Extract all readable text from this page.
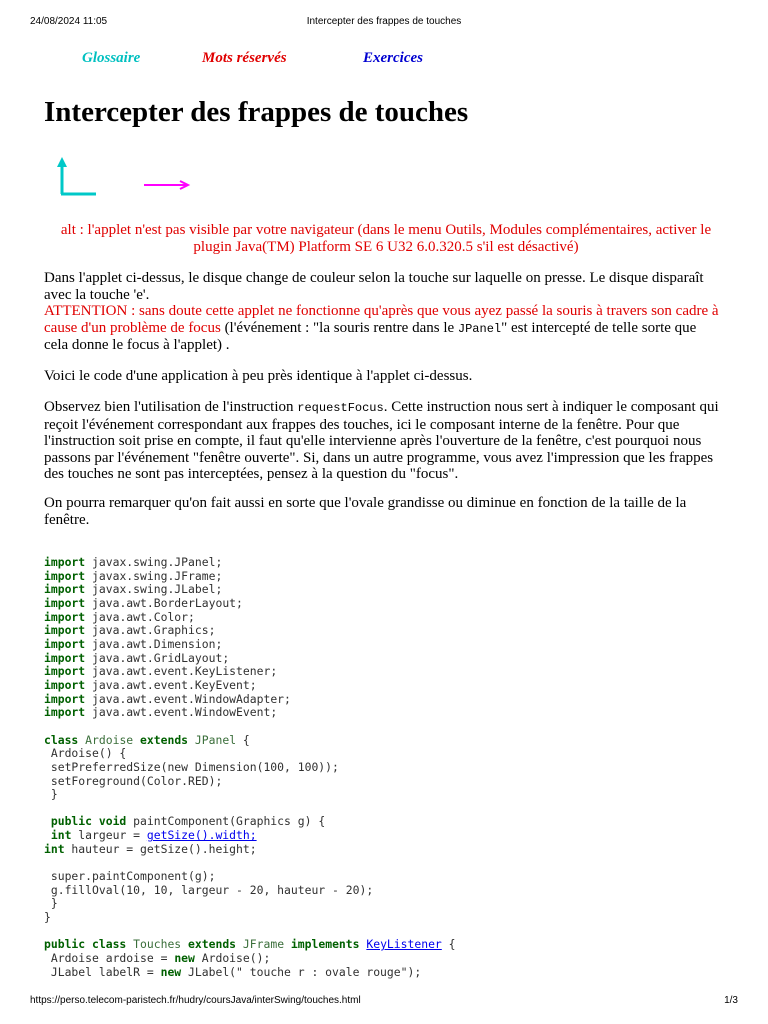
24/08/2024 11:05	Intercepter des frappes de touches
Glossaire	Mots réservés	Exercices
Intercepter des frappes de touches
alt : l'applet n'est pas visible par votre navigateur (dans le menu Outils, Modules complémentaires, activer le plugin Java(TM) Platform SE 6 U32 6.0.320.5 s'il est désactivé)

Dans l'applet ci-dessus, le disque change de couleur selon la touche sur laquelle on presse. Le disque disparaît avec la touche 'e'.
ATTENTION : sans doute cette applet ne fonctionne qu'après que vous ayez passé la souris à travers son cadre à cause d'un problème de focus (l'événement : "la souris rentre dans le JPanel" est intercepté de telle sorte que cela donne le focus à l'applet) .

Voici le code d'une application à peu près identique à l'applet ci-dessus.

Observez bien l'utilisation de l'instruction requestFocus. Cette instruction nous sert à indiquer le composant qui reçoit l'événement correspondant aux frappes des touches, ici le composant interne de la fenêtre. Pour que l'instruction soit prise en compte, il faut qu'elle intervienne après l'ouverture de la fenêtre, c'est pourquoi nous passons par l'événement "fenêtre ouverte". Si, dans un autre programme, vous avez l'impression que les frappes des touches ne sont pas interceptées, pensez à la question du "focus".

On pourra remarquer qu'on fait aussi en sorte que l'ovale grandisse ou diminue en fonction de la taille de la fenêtre.

import javax.swing.JPanel;
import javax.swing.JFrame;
import javax.swing.JLabel;
import java.awt.BorderLayout;
import java.awt.Color;
import java.awt.Graphics;
import java.awt.Dimension;
import java.awt.GridLayout;
import java.awt.event.KeyListener;
import java.awt.event.KeyEvent;
import java.awt.event.WindowAdapter;
import java.awt.event.WindowEvent;

class Ardoise extends JPanel {
Ardoise() {
setPreferredSize(new Dimension(100, 100));
setForeground(Color.RED);
}

public void paintComponent(Graphics g) {
int largeur = getSize().width;
int hauteur = getSize().height;

super.paintComponent(g);
g.fillOval(10, 10, largeur - 20, hauteur - 20);
}
}

public class Touches extends JFrame implements KeyListener {
Ardoise ardoise = new Ardoise();
JLabel labelR = new JLabel(" touche r : ovale rouge");
https://perso.telecom-paristech.fr/hudry/coursJava/interSwing/touches.html	1/3
